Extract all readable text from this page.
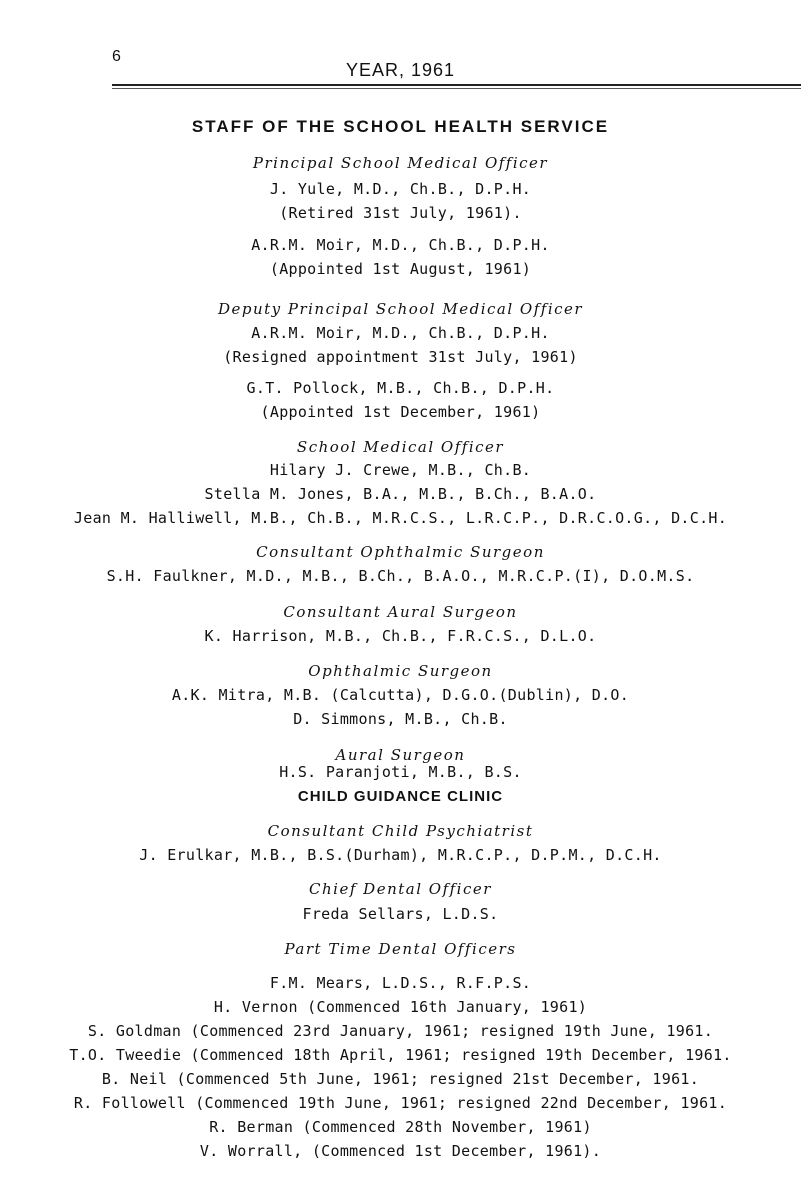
6
YEAR, 1961
STAFF OF THE SCHOOL HEALTH SERVICE
Principal School Medical Officer
J. Yule, M.D., Ch.B., D.P.H.
(Retired 31st July, 1961).
A.R.M. Moir, M.D., Ch.B., D.P.H.
(Appointed 1st August, 1961)
Deputy Principal School Medical Officer
A.R.M. Moir, M.D., Ch.B., D.P.H.
(Resigned appointment 31st July, 1961)
G.T. Pollock, M.B., Ch.B., D.P.H.
(Appointed 1st December, 1961)
School Medical Officer
Hilary J. Crewe, M.B., Ch.B.
Stella M. Jones, B.A., M.B., B.Ch., B.A.O.
Jean M. Halliwell, M.B., Ch.B., M.R.C.S., L.R.C.P., D.R.C.O.G., D.C.H.
Consultant Ophthalmic Surgeon
S.H. Faulkner, M.D., M.B., B.Ch., B.A.O., M.R.C.P.(I), D.O.M.S.
Consultant Aural Surgeon
K. Harrison, M.B., Ch.B., F.R.C.S., D.L.O.
Ophthalmic Surgeon
A.K. Mitra, M.B. (Calcutta), D.G.O.(Dublin), D.O.
D. Simmons, M.B., Ch.B.
Aural Surgeon
H.S. Paranjoti, M.B., B.S.
CHILD GUIDANCE CLINIC
Consultant Child Psychiatrist
J. Erulkar, M.B., B.S.(Durham), M.R.C.P., D.P.M., D.C.H.
Chief Dental Officer
Freda Sellars, L.D.S.
Part Time Dental Officers
F.M. Mears, L.D.S., R.F.P.S.
H. Vernon (Commenced 16th January, 1961)
S. Goldman (Commenced 23rd January, 1961; resigned 19th June, 1961.
T.O. Tweedie (Commenced 18th April, 1961; resigned 19th December, 1961.
B. Neil (Commenced 5th June, 1961; resigned 21st December, 1961.
R. Followell (Commenced 19th June, 1961; resigned 22nd December, 1961.
R. Berman (Commenced 28th November, 1961)
V. Worrall, (Commenced 1st December, 1961).
